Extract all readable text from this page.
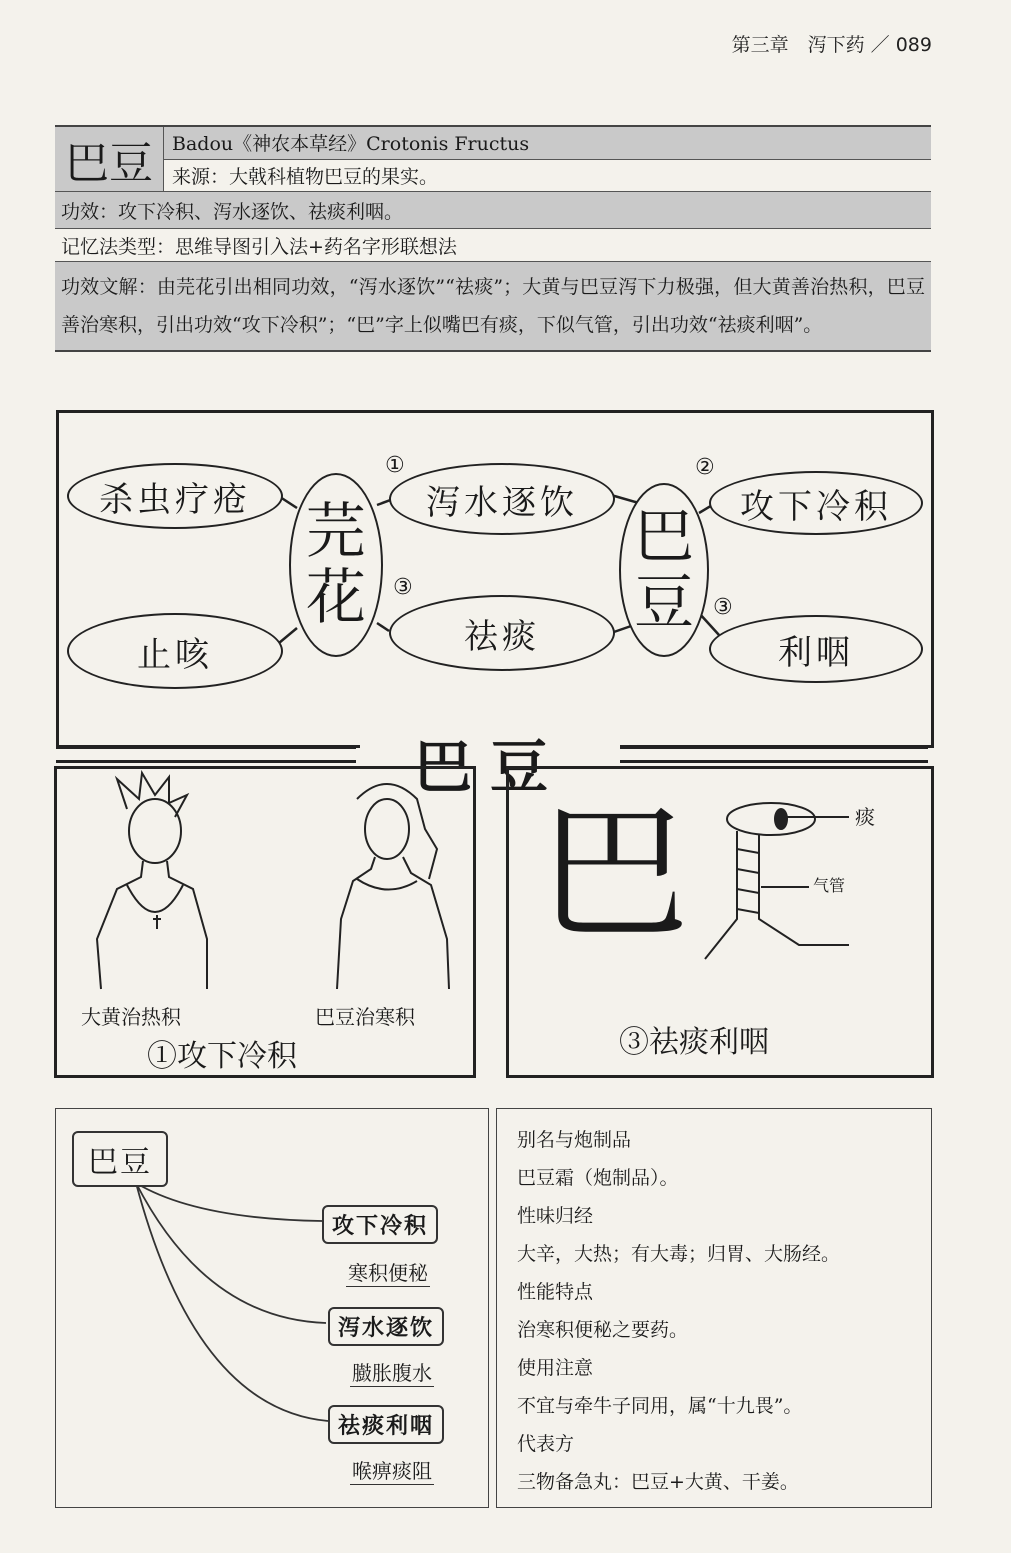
第三章　泻下药 ／ 089
巴豆	Badou《神农本草经》Crotonis Fructus
来源：大戟科植物巴豆的果实。
功效：攻下冷积、泻水逐饮、祛痰利咽。
记忆法类型：思维导图引入法+药名字形联想法
功效文解：由芫花引出相同功效，“泻水逐饮”“祛痰”；大黄与巴豆泻下力极强，但大黄善治热积，巴豆善治寒积，引出功效“攻下冷积”；“巴”字上似嘴巴有痰，下似气管，引出功效“祛痰利咽”。
杀虫疗疮
止咳
芫花
泻水逐饮
祛痰
巴豆
攻下冷积
利咽
①	②
③
③
巴豆
大黄治热积	巴豆治寒积
①攻下冷积
巴	痰
气管
③祛痰利咽
巴豆
攻下冷积
寒积便秘
泻水逐饮
臌胀腹水
祛痰利咽
喉痹痰阻
别名与炮制品
巴豆霜（炮制品）。
性味归经
大辛，大热；有大毒；归胃、大肠经。
性能特点
治寒积便秘之要药。
使用注意
不宜与牵牛子同用，属“十九畏”。
代表方
三物备急丸：巴豆+大黄、干姜。
